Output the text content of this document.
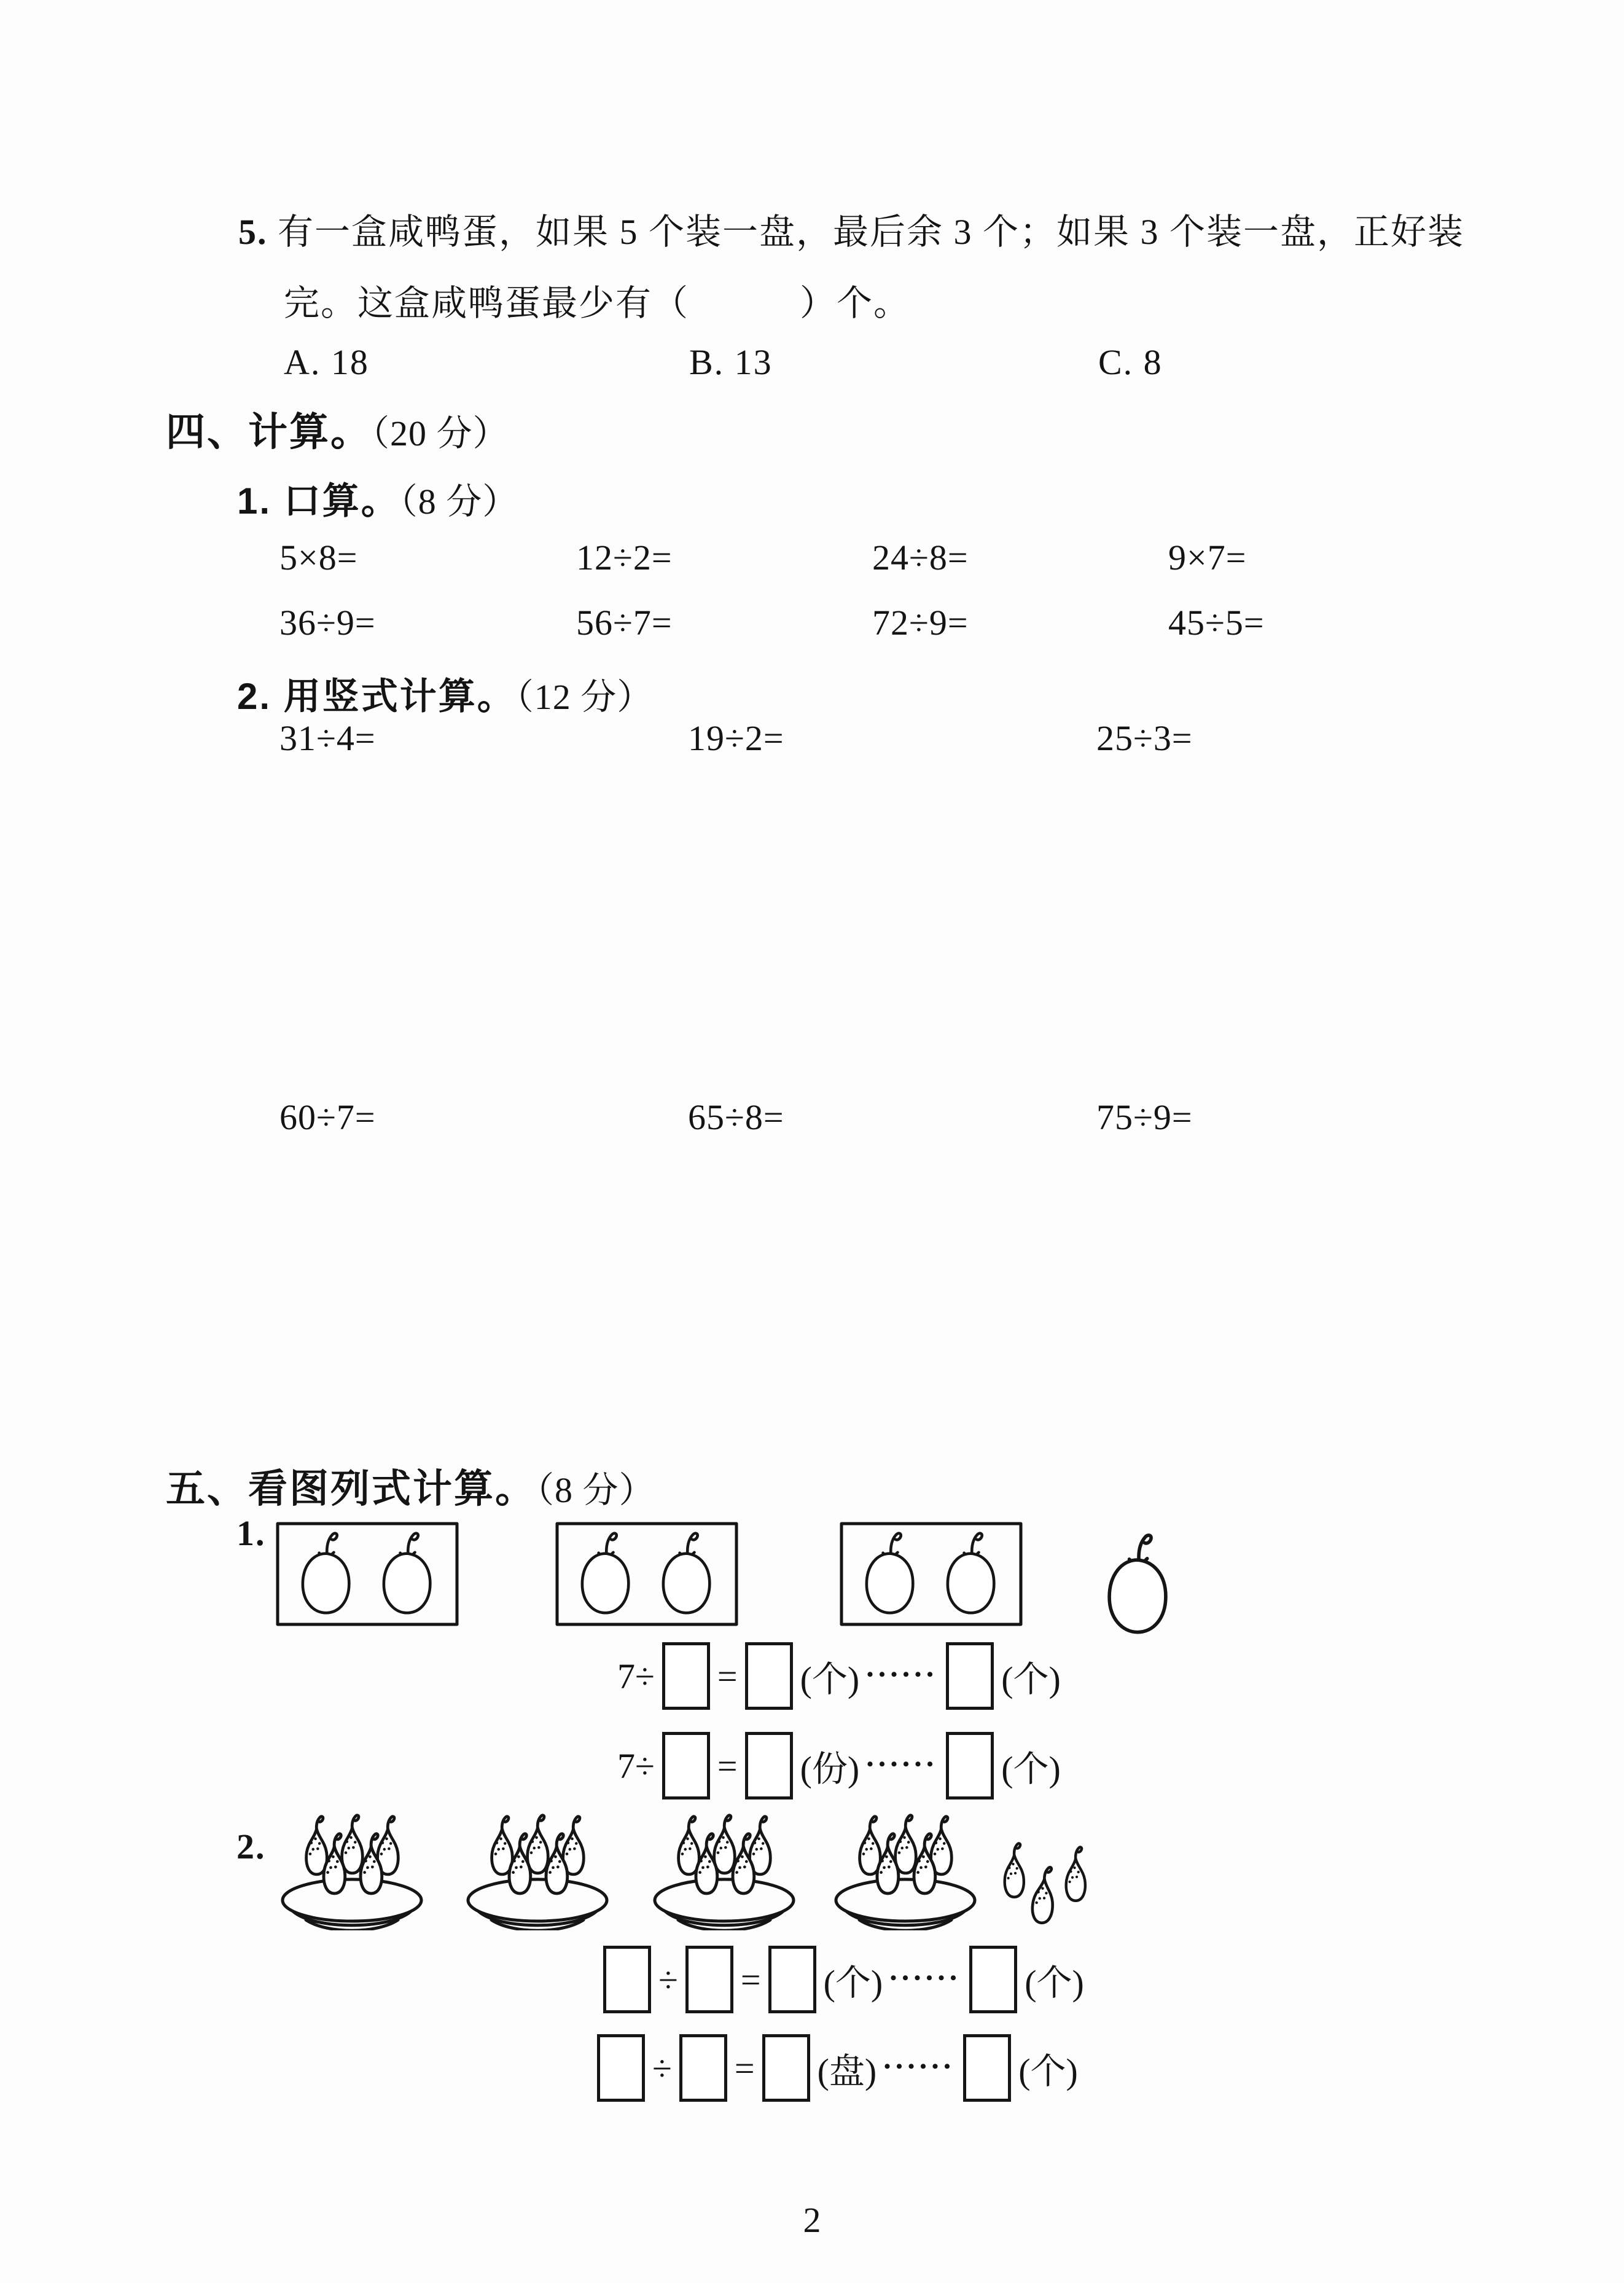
5. 有一盒咸鸭蛋，如果 5 个装一盘，最后余 3 个；如果 3 个装一盘，正好装
完。这盒咸鸭蛋最少有（　　　）个。
A. 18	B. 13	C. 8
四、计算。（20 分）
1. 口算。（8 分）
5×8=	12÷2=	24÷8=	9×7=
36÷9=	56÷7=	72÷9=	45÷5=
2. 用竖式计算。（12 分）
31÷4=	19÷2=	25÷3=
60÷7=	65÷8=	75÷9=
五、看图列式计算。（8 分）
1.
7÷ = (个) •••••• (个)
7÷ = (份) •••••• (个)
2.
÷ = (个) •••••• (个)
÷ = (盘) •••••• (个)
2
